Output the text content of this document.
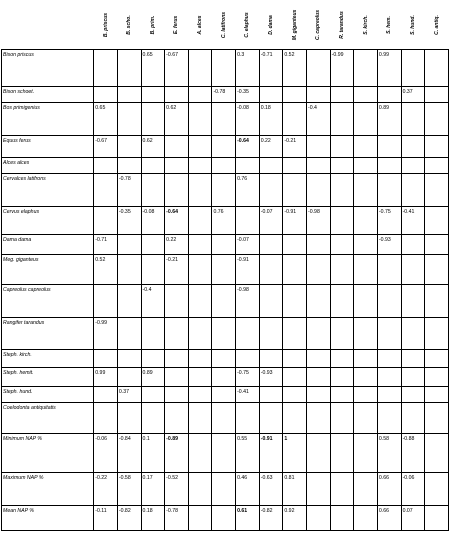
	B. priscus	B. scho.	B. prim.	E. ferus	A. alces	C. latifrons	C. elaphus	D. dama	M. giganteus	C. capreolus	R. tarandus	S. kirch.	S. hem.	S. hund.	C. antiq.

Bison priscus			0.65	-0.67			0.3	-0.71	0.52		-0.99		0.99		
Bison schoet.						-0.78	-0.35							0.37	
Bos primigenius	0.65			0.62			-0.08	0.18		-0.4			0.89		
Equus ferus	-0.67		0.62				-0.64	0.22	-0.21						
Alces alces															
Cervalces latifrons		-0.78					0.76								
Cervus elaphus		-0.35	-0.08	-0.64		0.76		-0.07	-0.91	-0.98			-0.75	-0.41	
Dama dama	-0.71			0.22			-0.07						-0.93		
Meg. giganteus	0.52			-0.21			-0.91								
Capreolus capreolus			-0.4				-0.98								
Rangifer tarandus	-0.99														
Steph. kirch.															
Steph. hemit.	0.99		0.89				-0.75	-0.93							
Steph. hund.		0.37					-0.41								
Coelodonta antiquitatis															
Minimum NAP %	-0.06	-0.84	0.1	-0.89			0.55	-0.91	1				0.58	-0.88	
Maximum NAP %	-0.22	-0.58	0.17	-0.52			0.46	-0.63	0.81				0.66	-0.06	
Mean NAP %	-0.11	-0.82	0.18	-0.78			0.61	-0.82	0.92				0.66	0.07	
